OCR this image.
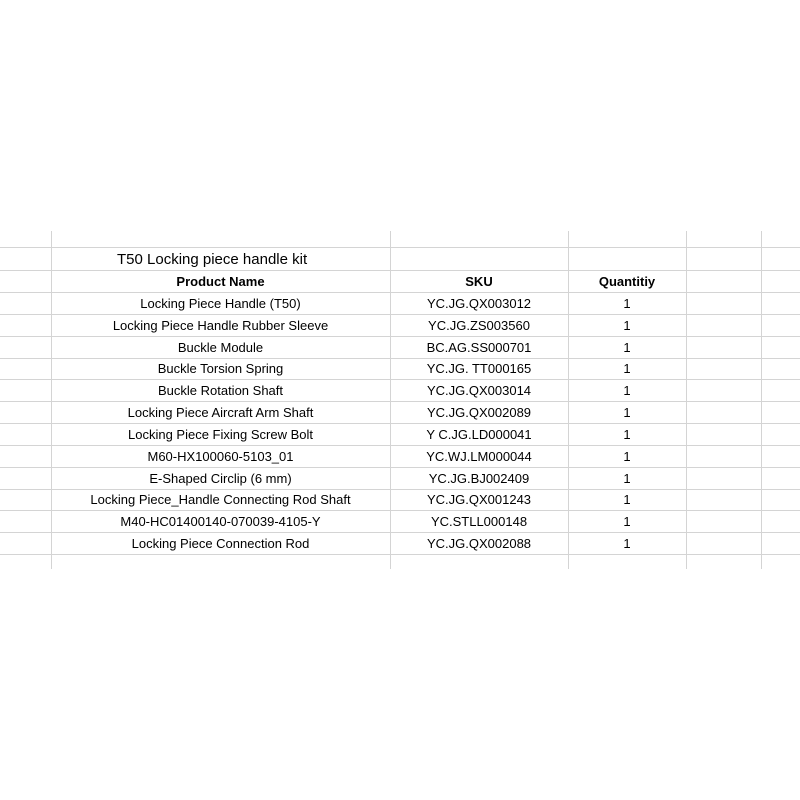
T50 Locking piece handle kit
Product Name	SKU	Quantitiy
Locking Piece Handle (T50)	YC.JG.QX003012	1
Locking Piece Handle Rubber Sleeve	YC.JG.ZS003560	1
Buckle Module	BC.AG.SS000701	1
Buckle Torsion Spring	YC.JG. TT000165	1
Buckle Rotation Shaft	YC.JG.QX003014	1
Locking Piece Aircraft Arm Shaft	YC.JG.QX002089	1
Locking Piece Fixing Screw Bolt	Y C.JG.LD000041	1
M60-HX100060-5103_01	YC.WJ.LM000044	1
E-Shaped Circlip (6 mm)	YC.JG.BJ002409	1
Locking Piece_Handle Connecting Rod Shaft	YC.JG.QX001243	1
M40-HC01400140-070039-4105-Y	YC.STLL000148	1
Locking Piece Connection Rod	YC.JG.QX002088	1
